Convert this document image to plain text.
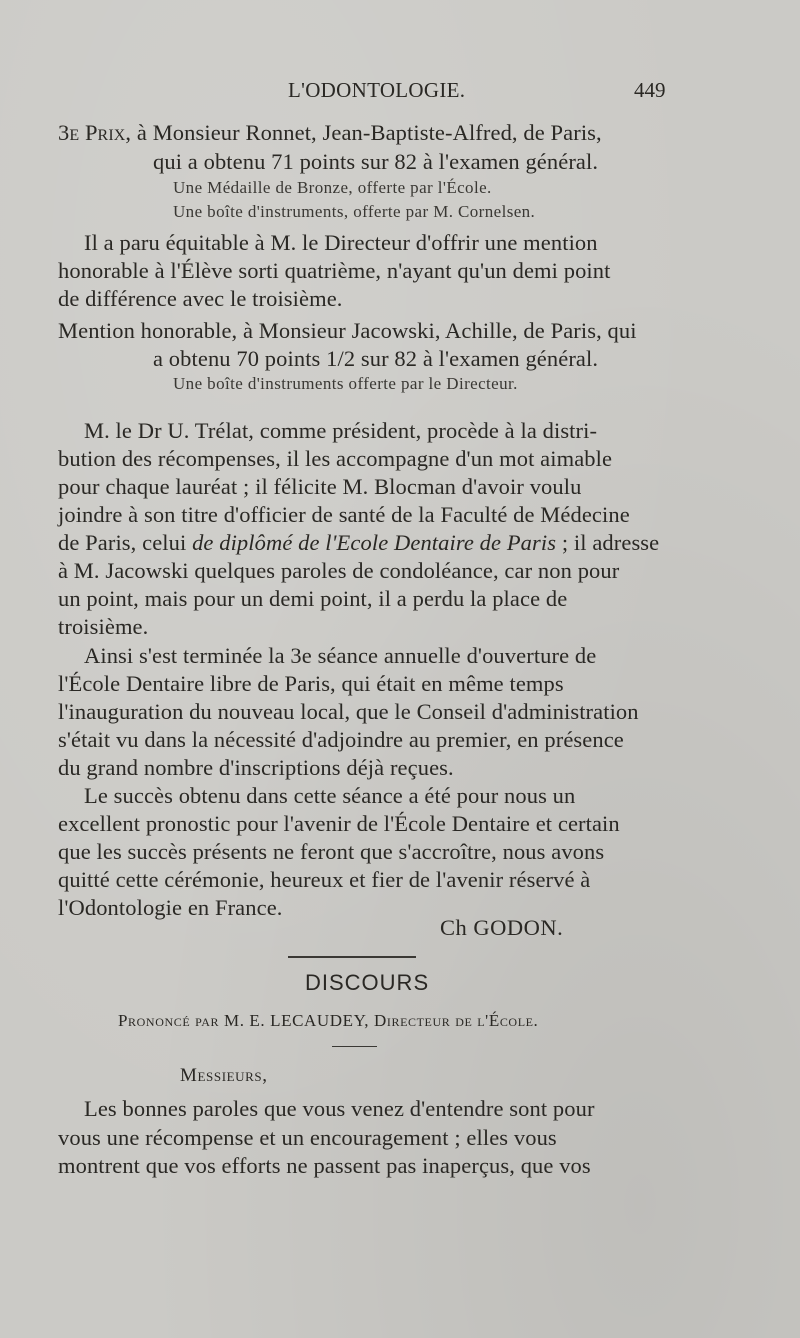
L'ODONTOLOGIE.	449
3e Prix, à Monsieur Ronnet, Jean-Baptiste-Alfred, de Paris,
qui a obtenu 71 points sur 82 à l'examen général.
Une Médaille de Bronze, offerte par l'École.
Une boîte d'instruments, offerte par M. Cornelsen.
Il a paru équitable à M. le Directeur d'offrir une mention
honorable à l'Élève sorti quatrième, n'ayant qu'un demi point
de différence avec le troisième.
Mention honorable, à Monsieur Jacowski, Achille, de Paris, qui
a obtenu 70 points 1/2 sur 82 à l'examen général.
Une boîte d'instruments offerte par le Directeur.
M. le Dr U. Trélat, comme président, procède à la distri-
bution des récompenses, il les accompagne d'un mot aimable
pour chaque lauréat ; il félicite M. Blocman d'avoir voulu
joindre à son titre d'officier de santé de la Faculté de Médecine
de Paris, celui de diplômé de l'Ecole Dentaire de Paris ; il adresse
à M. Jacowski quelques paroles de condoléance, car non pour
un point, mais pour un demi point, il a perdu la place de
troisième.
Ainsi s'est terminée la 3e séance annuelle d'ouverture de
l'École Dentaire libre de Paris, qui était en même temps
l'inauguration du nouveau local, que le Conseil d'administration
s'était vu dans la nécessité d'adjoindre au premier, en présence
du grand nombre d'inscriptions déjà reçues.
Le succès obtenu dans cette séance a été pour nous un
excellent pronostic pour l'avenir de l'École Dentaire et certain
que les succès présents ne feront que s'accroître, nous avons
quitté cette cérémonie, heureux et fier de l'avenir réservé à
l'Odontologie en France.
Ch GODON.
DISCOURS
Prononcé par M. E. LECAUDEY, Directeur de l'École.
Messieurs,
Les bonnes paroles que vous venez d'entendre sont pour
vous une récompense et un encouragement ; elles vous
montrent que vos efforts ne passent pas inaperçus, que vos
